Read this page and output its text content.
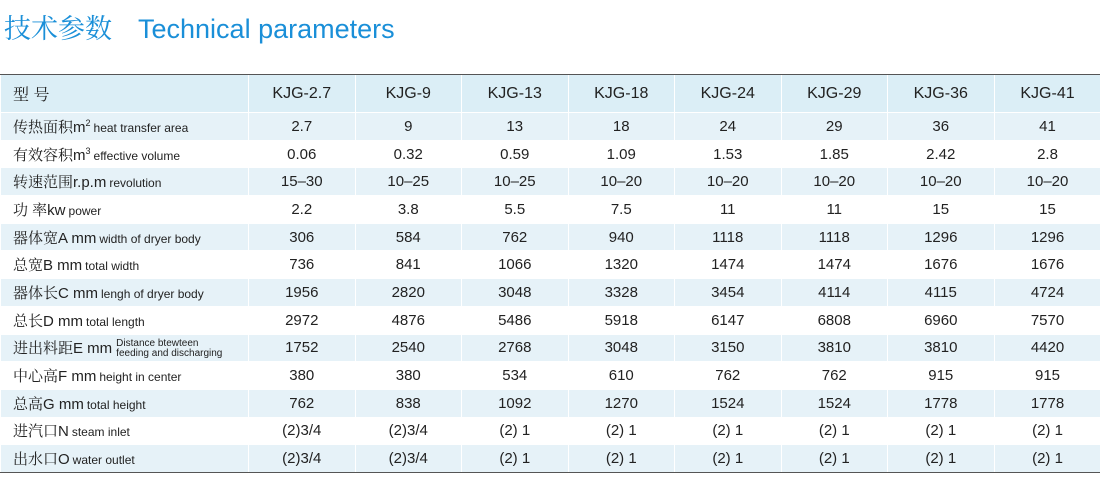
技术参数 Technical parameters
型 号	KJG-2.7	KJG-9	KJG-13	KJG-18	KJG-24	KJG-29	KJG-36	KJG-41
传热面积$m^2$ heat transfer area	2.7	9	13	18	24	29	36	41
有效容积$m^3$ effective volume	0.06	0.32	0.59	1.09	1.53	1.85	2.42	2.8
转速范围r.p.m revolution	15–30	10–25	10–25	10–20	10–20	10–20	10–20	10–20
功 率kw power	2.2	3.8	5.5	7.5	11	11	15	15
器体宽A mm width of dryer body	306	584	762	940	1118	1118	1296	1296
总宽B mm total width	736	841	1066	1320	1474	1474	1676	1676
器体长C mm lengh of dryer body	1956	2820	3048	3328	3454	4114	4115	4724
总长D mm total length	2972	4876	5486	5918	6147	6808	6960	7570
进出料距E mm Distance btewteen
feeding and discharging	1752	2540	2768	3048	3150	3810	3810	4420
中心高F mm height in center	380	380	534	610	762	762	915	915
总高G mm total height	762	838	1092	1270	1524	1524	1778	1778
进汽口N steam inlet	(2)3/4	(2)3/4	(2) 1	(2) 1	(2) 1	(2) 1	(2) 1	(2) 1
出水口O water outlet	(2)3/4	(2)3/4	(2) 1	(2) 1	(2) 1	(2) 1	(2) 1	(2) 1
